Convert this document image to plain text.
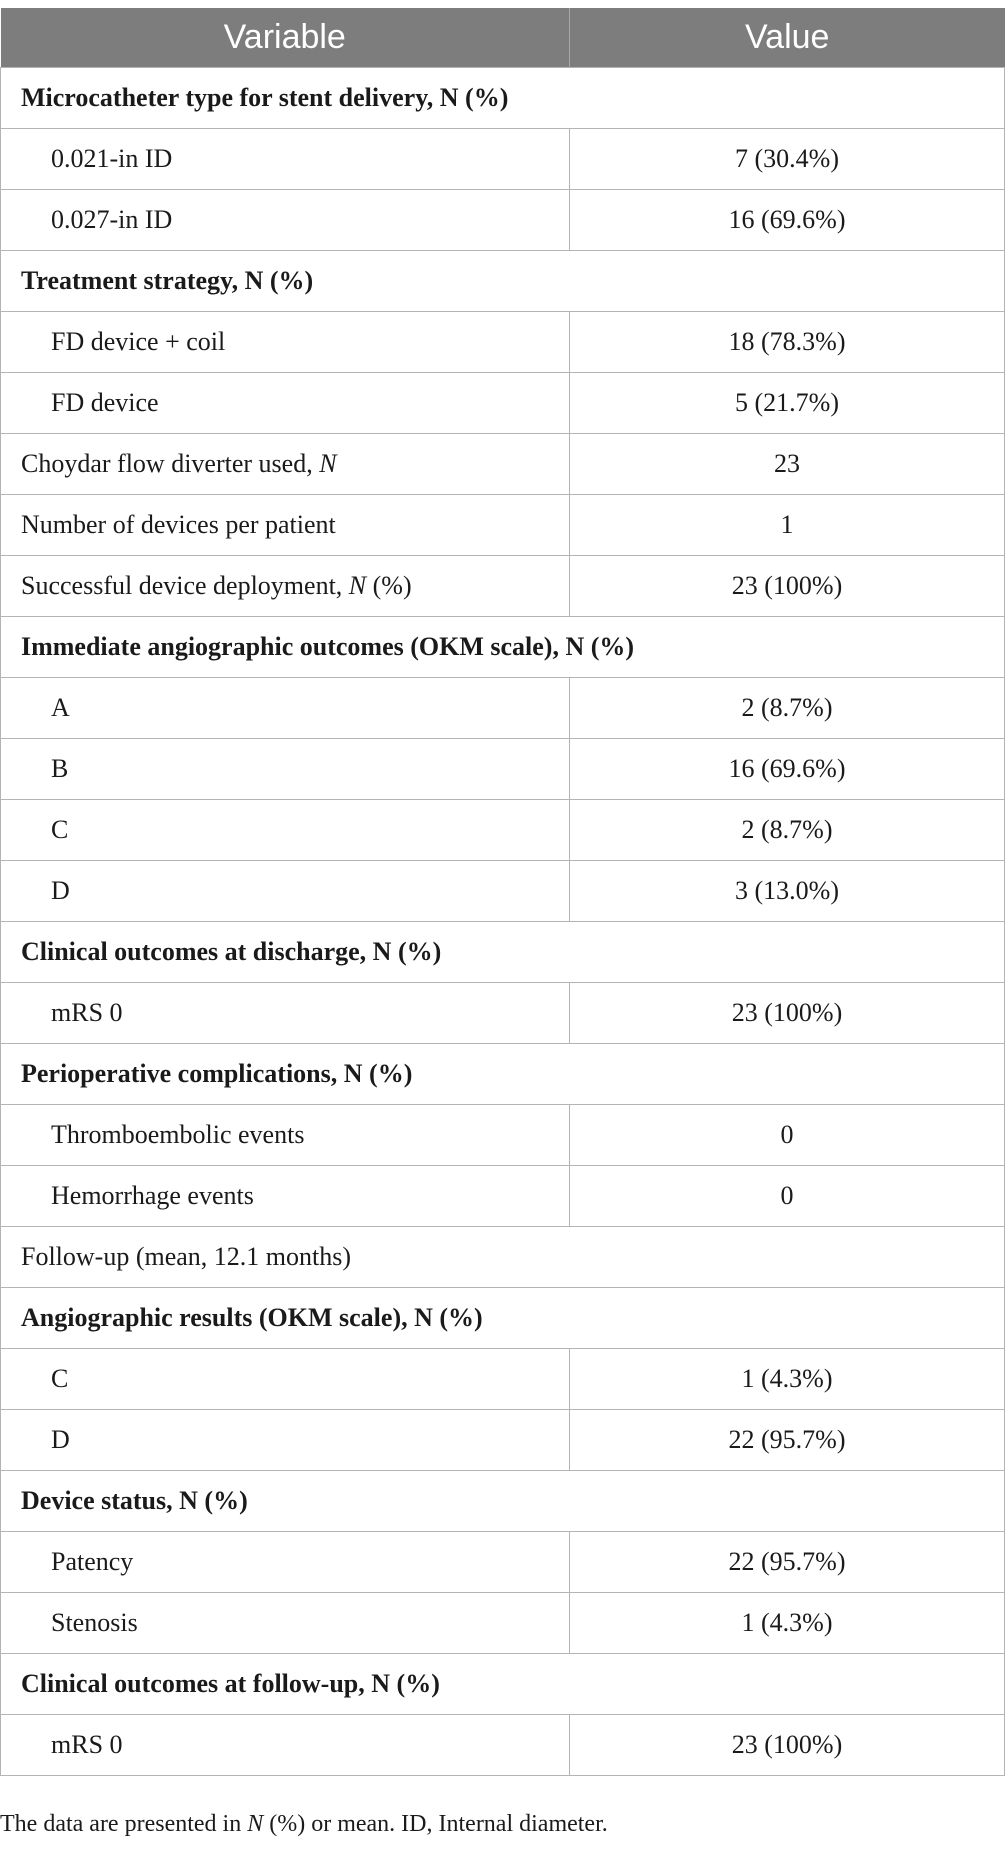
Variable	Value
Microcatheter type for stent delivery, N (%)	
0.021-in ID	7 (30.4%)
0.027-in ID	16 (69.6%)
Treatment strategy, N (%)	
FD device + coil	18 (78.3%)
FD device	5 (21.7%)
Choydar flow diverter used, N	23
Number of devices per patient	1
Successful device deployment, N (%)	23 (100%)
Immediate angiographic outcomes (OKM scale), N (%)	
A	2 (8.7%)
B	16 (69.6%)
C	2 (8.7%)
D	3 (13.0%)
Clinical outcomes at discharge, N (%)	
mRS 0	23 (100%)
Perioperative complications, N (%)	
Thromboembolic events	0
Hemorrhage events	0
Follow-up (mean, 12.1 months)	
Angiographic results (OKM scale), N (%)	
C	1 (4.3%)
D	22 (95.7%)
Device status, N (%)	
Patency	22 (95.7%)
Stenosis	1 (4.3%)
Clinical outcomes at follow-up, N (%)	
mRS 0	23 (100%)
The data are presented in N (%) or mean. ID, Internal diameter.
